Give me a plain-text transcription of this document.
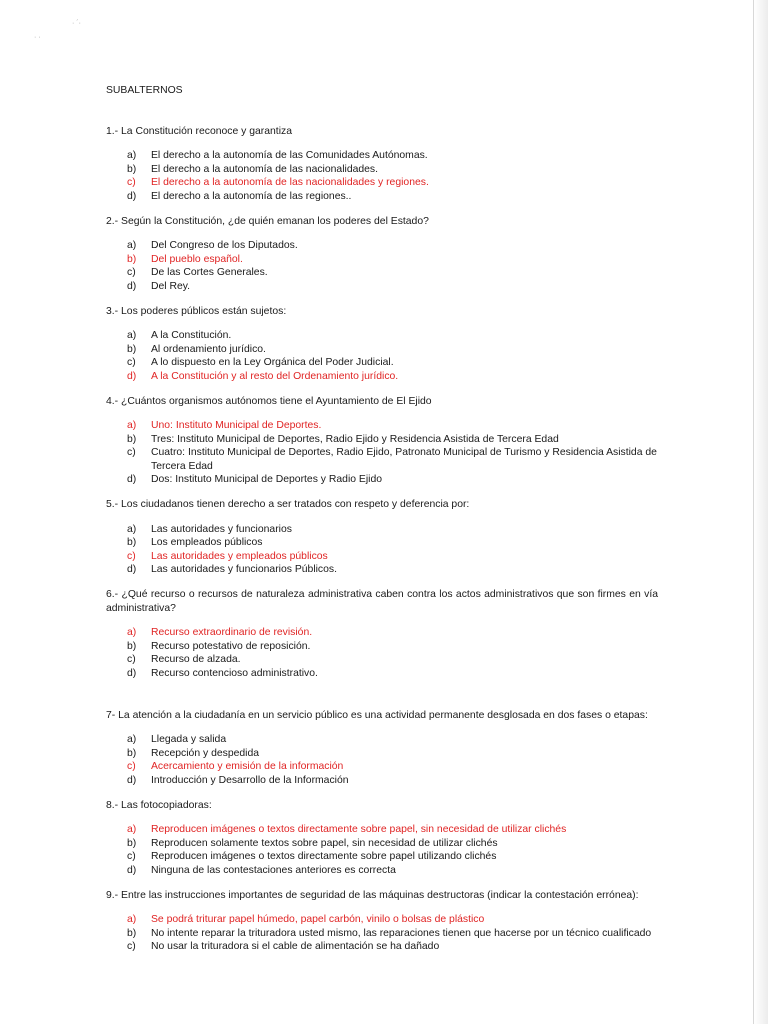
· ´·
· ·
SUBALTERNOS

1.- La Constitución reconoce y garantiza

a) El derecho a la autonomía de las Comunidades Autónomas.
b) El derecho a la autonomía de las nacionalidades.
c) El derecho a la autonomía de las nacionalidades y regiones.
d) El derecho a la autonomía de las regiones..

2.- Según la Constitución, ¿de quién emanan los poderes del Estado?

a) Del Congreso de los Diputados.
b) Del pueblo español.
c) De las Cortes Generales.
d) Del Rey.

3.- Los poderes públicos están sujetos:

a) A la Constitución.
b) Al ordenamiento jurídico.
c) A lo dispuesto en la Ley Orgánica del Poder Judicial.
d) A la Constitución y al resto del Ordenamiento jurídico.

4.- ¿Cuántos organismos autónomos tiene el Ayuntamiento de El Ejido

a) Uno: Instituto Municipal de Deportes.
b) Tres: Instituto Municipal de Deportes, Radio Ejido y Residencia Asistida de Tercera Edad
c) Cuatro: Instituto Municipal de Deportes, Radio Ejido, Patronato Municipal de Turismo y Residencia Asistida de Tercera Edad
d) Dos: Instituto Municipal de Deportes y Radio Ejido

5.- Los ciudadanos tienen derecho a ser tratados con respeto y deferencia por:

a) Las autoridades y funcionarios
b) Los empleados públicos
c) Las autoridades y empleados públicos
d) Las autoridades y funcionarios Públicos.

6.- ¿Qué recurso o recursos de naturaleza administrativa caben contra los actos administrativos que son firmes en vía administrativa?

a) Recurso extraordinario de revisión.
b) Recurso potestativo de reposición.
c) Recurso de alzada.
d) Recurso contencioso administrativo.

7- La atención a la ciudadanía en un servicio público es una actividad permanente desglosada en dos fases o etapas:

a) Llegada y salida
b) Recepción y despedida
c) Acercamiento y emisión de la información
d) Introducción y Desarrollo de la Información

8.- Las fotocopiadoras:

a) Reproducen imágenes o textos directamente sobre papel, sin necesidad de utilizar clichés
b) Reproducen solamente textos sobre papel, sin necesidad de utilizar clichés
c) Reproducen imágenes o textos directamente sobre papel utilizando clichés
d) Ninguna de las contestaciones anteriores es correcta

9.- Entre las instrucciones importantes de seguridad de las máquinas destructoras (indicar la contestación errónea):

a) Se podrá triturar papel húmedo, papel carbón, vinilo o bolsas de plástico
b) No intente reparar la trituradora usted mismo, las reparaciones tienen que hacerse por un técnico cualificado
c) No usar la trituradora si el cable de alimentación se ha dañado
